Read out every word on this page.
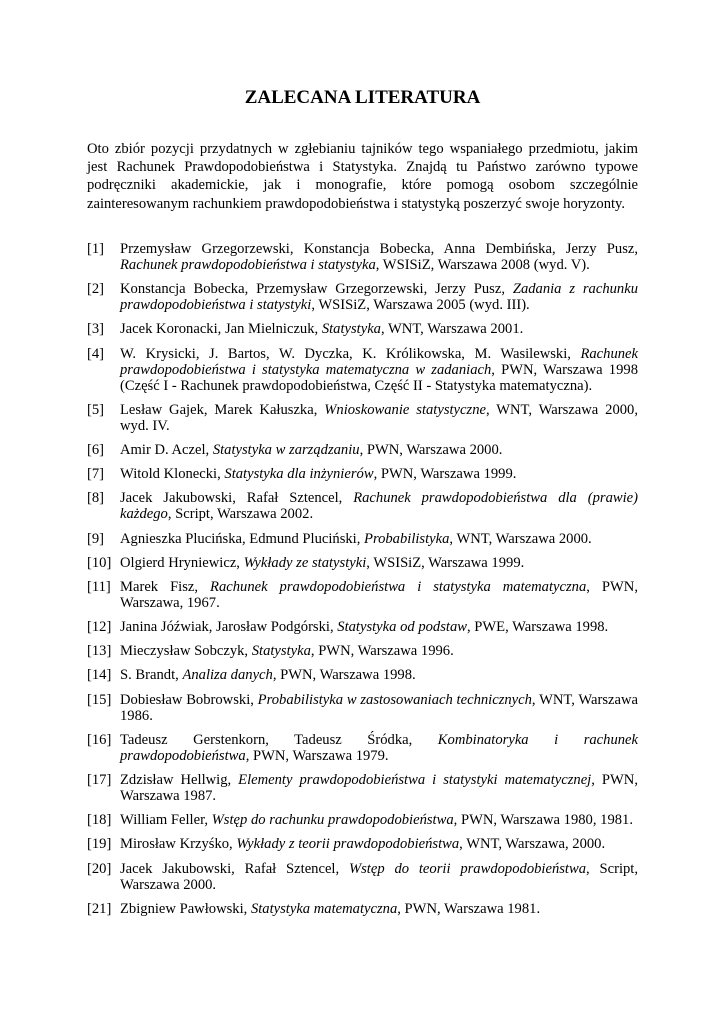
ZALECANA LITERATURA

Oto zbiór pozycji przydatnych w zgłebianiu tajników tego wspaniałego przedmiotu, jakim jest Rachunek Prawdopodobieństwa i Statystyka. Znajdą tu Państwo zarówno typowe podręczniki akademickie, jak i monografie, które pomogą osobom szczególnie zainteresowanym rachunkiem prawdopodobieństwa i statystyką poszerzyć swoje horyzonty.

[1]	Przemysław Grzegorzewski, Konstancja Bobecka, Anna Dembińska, Jerzy Pusz, Rachunek prawdopodobieństwa i statystyka, WSISiZ, Warszawa 2008 (wyd. V).
[2]	Konstancja Bobecka, Przemysław Grzegorzewski, Jerzy Pusz, Zadania z rachunku prawdopodobieństwa i statystyki, WSISiZ, Warszawa 2005 (wyd. III).
[3]	Jacek Koronacki, Jan Mielniczuk, Statystyka, WNT, Warszawa 2001.
[4]	W. Krysicki, J. Bartos, W. Dyczka, K. Królikowska, M. Wasilewski, Rachunek prawdopodobieństwa i statystyka matematyczna w zadaniach, PWN, Warszawa 1998 (Część I - Rachunek prawdopodobieństwa, Część II - Statystyka matematyczna).
[5]	Lesław Gajek, Marek Kałuszka, Wnioskowanie statystyczne, WNT, Warszawa 2000, wyd. IV.
[6]	Amir D. Aczel, Statystyka w zarządzaniu, PWN, Warszawa 2000.
[7]	Witold Klonecki, Statystyka dla inżynierów, PWN, Warszawa 1999.
[8]	Jacek Jakubowski, Rafał Sztencel, Rachunek prawdopodobieństwa dla (prawie) każdego, Script, Warszawa 2002.
[9]	Agnieszka Plucińska, Edmund Pluciński, Probabilistyka, WNT, Warszawa 2000.
[10] Olgierd Hryniewicz, Wykłady ze statystyki, WSISiZ, Warszawa 1999.
[11] Marek Fisz, Rachunek prawdopodobieństwa i statystyka matematyczna, PWN, Warszawa, 1967.
[12] Janina Jóźwiak, Jarosław Podgórski, Statystyka od podstaw, PWE, Warszawa 1998.
[13] Mieczysław Sobczyk, Statystyka, PWN, Warszawa 1996.
[14] S. Brandt, Analiza danych, PWN, Warszawa 1998.
[15] Dobiesław Bobrowski, Probabilistyka w zastosowaniach technicznych, WNT, Warszawa 1986.
[16] Tadeusz Gerstenkorn, Tadeusz Śródka, Kombinatoryka i rachunek prawdopodobieństwa, PWN, Warszawa 1979.
[17] Zdzisław Hellwig, Elementy prawdopodobieństwa i statystyki matematycznej, PWN, Warszawa 1987.
[18] William Feller, Wstęp do rachunku prawdopodobieństwa, PWN, Warszawa 1980, 1981.
[19] Mirosław Krzyśko, Wykłady z teorii prawdopodobieństwa, WNT, Warszawa, 2000.
[20] Jacek Jakubowski, Rafał Sztencel, Wstęp do teorii prawdopodobieństwa, Script, Warszawa 2000.
[21] Zbigniew Pawłowski, Statystyka matematyczna, PWN, Warszawa 1981.
